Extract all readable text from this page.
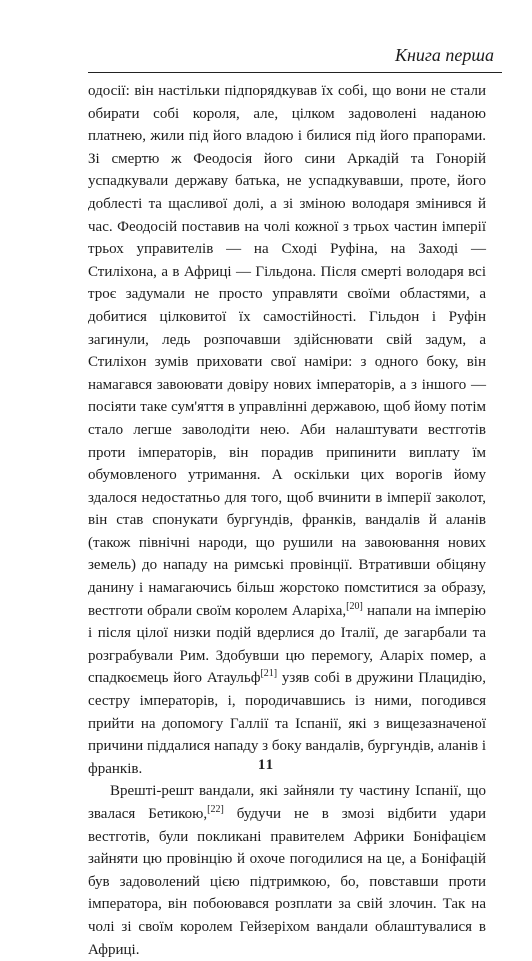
Книга перша

одосії: він настільки підпорядкував їх собі, що вони не стали обирати собі короля, але, цілком задоволені наданою платнею, жили під його владою і билися під його прапорами. Зі смертю ж Феодосія його сини Аркадій та Гонорій успадкували державу батька, не успадкувавши, проте, його доблесті та щасливої долі, а зі зміною володаря змінився й час. Феодосій поставив на чолі кожної з трьох частин імперії трьох управителів — на Сході Руфіна, на Заході — Стиліхона, а в Африці — Гільдона. Після смерті володаря всі троє задумали не просто управляти своїми областями, а добитися цілковитої їх самостійності. Гільдон і Руфін загинули, ледь розпочавши здійснювати свій задум, а Стиліхон зумів приховати свої наміри: з одного боку, він намагався завоювати довіру нових імператорів, а з іншого — посіяти таке сум'яття в управлінні державою, щоб йому потім стало легше заволодіти нею. Аби налаштувати вестготів проти імператорів, він порадив припинити виплату їм обумовленого утримання. А оскільки цих ворогів йому здалося недостатньо для того, щоб вчинити в імперії заколот, він став спонукати бургундів, франків, вандалів й аланів (також північні народи, що рушили на завоювання нових земель) до нападу на римські провінції. Втративши обіцяну данину і намагаючись більш жорстоко помститися за образу, вестготи обрали своїм королем Аларіха,[20] напали на імперію і після цілої низки подій вдерлися до Італії, де загарбали та розграбували Рим. Здобувши цю перемогу, Аларіх помер, а спадкоємець його Атаульф[21] узяв собі в дружини Плацидію, сестру імператорів, і, породичавшись із ними, погодився прийти на допомогу Галлії та Іспанії, які з вищезазначеної причини піддалися нападу з боку вандалів, бургундів, аланів і франків.

Врешті-решт вандали, які зайняли ту частину Іспанії, що звалася Бетикою,[22] будучи не в змозі відбити удари вестготів, були покликані правителем Африки Боніфацієм зайняти цю провінцію й охоче погодилися на це, а Боніфацій був задоволений цією підтримкою, бо, повставши проти імператора, він побоювався розплати за свій злочин. Так на чолі зі своїм королем Гейзеріхом вандали облаштувалися в Африці.

11
